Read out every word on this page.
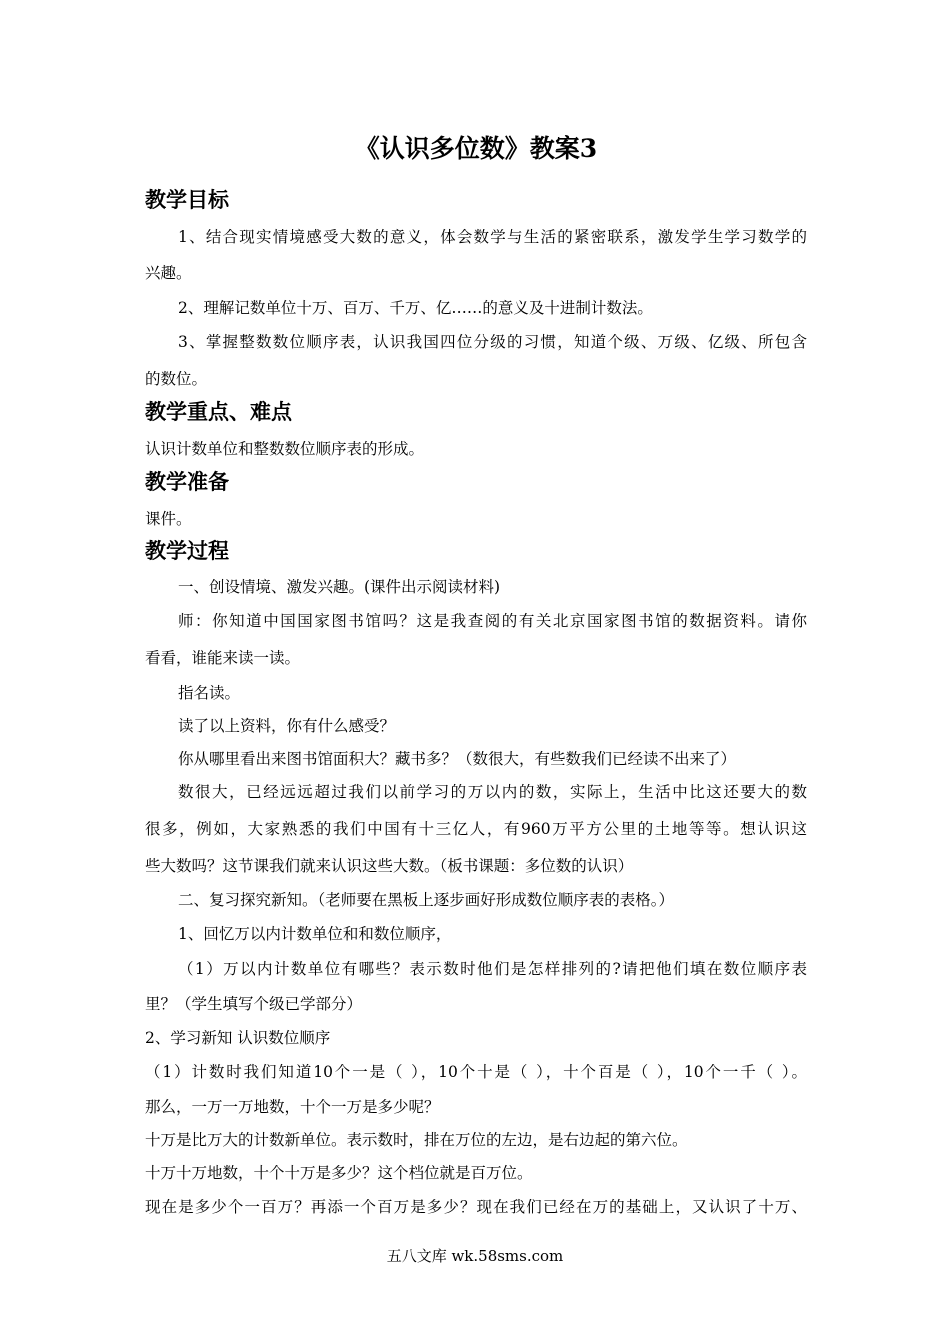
《认识多位数》教案3
教学目标

1、结合现实情境感受大数的意义，体会数学与生活的紧密联系，激发学生学习数学的

兴趣。

2、理解记数单位十万、百万、千万、亿……的意义及十进制计数法。

3、掌握整数数位顺序表，认识我国四位分级的习惯，知道个级、万级、亿级、所包含

的数位。

教学重点、难点

认识计数单位和整数数位顺序表的形成。

教学准备

课件。

教学过程

一、创设情境、激发兴趣。(课件出示阅读材料)

师：你知道中国国家图书馆吗？这是我查阅的有关北京国家图书馆的数据资料。请你

看看，谁能来读一读。

指名读。

读了以上资料，你有什么感受？

你从哪里看出来图书馆面积大？藏书多？（数很大，有些数我们已经读不出来了）

数很大，已经远远超过我们以前学习的万以内的数，实际上，生活中比这还要大的数

很多，例如，大家熟悉的我们中国有十三亿人，有960万平方公里的土地等等。想认识这

些大数吗？这节课我们就来认识这些大数。（板书课题：多位数的认识）

二、复习探究新知。（老师要在黑板上逐步画好形成数位顺序表的表格。）

1、回忆万以内计数单位和和数位顺序，

（1）万以内计数单位有哪些？表示数时他们是怎样排列的?请把他们填在数位顺序表

里？（学生填写个级已学部分）

2、学习新知 认识数位顺序

（1）计数时我们知道10个一是（ ），10个十是（ ），十个百是（ ），10个一千（ ）。

那么，一万一万地数，十个一万是多少呢？

十万是比万大的计数新单位。表示数时，排在万位的左边，是右边起的第六位。

十万十万地数，十个十万是多少？这个档位就是百万位。

现在是多少个一百万？再添一个百万是多少？现在我们已经在万的基础上，又认识了十万、

五八文库 wk.58sms.com
